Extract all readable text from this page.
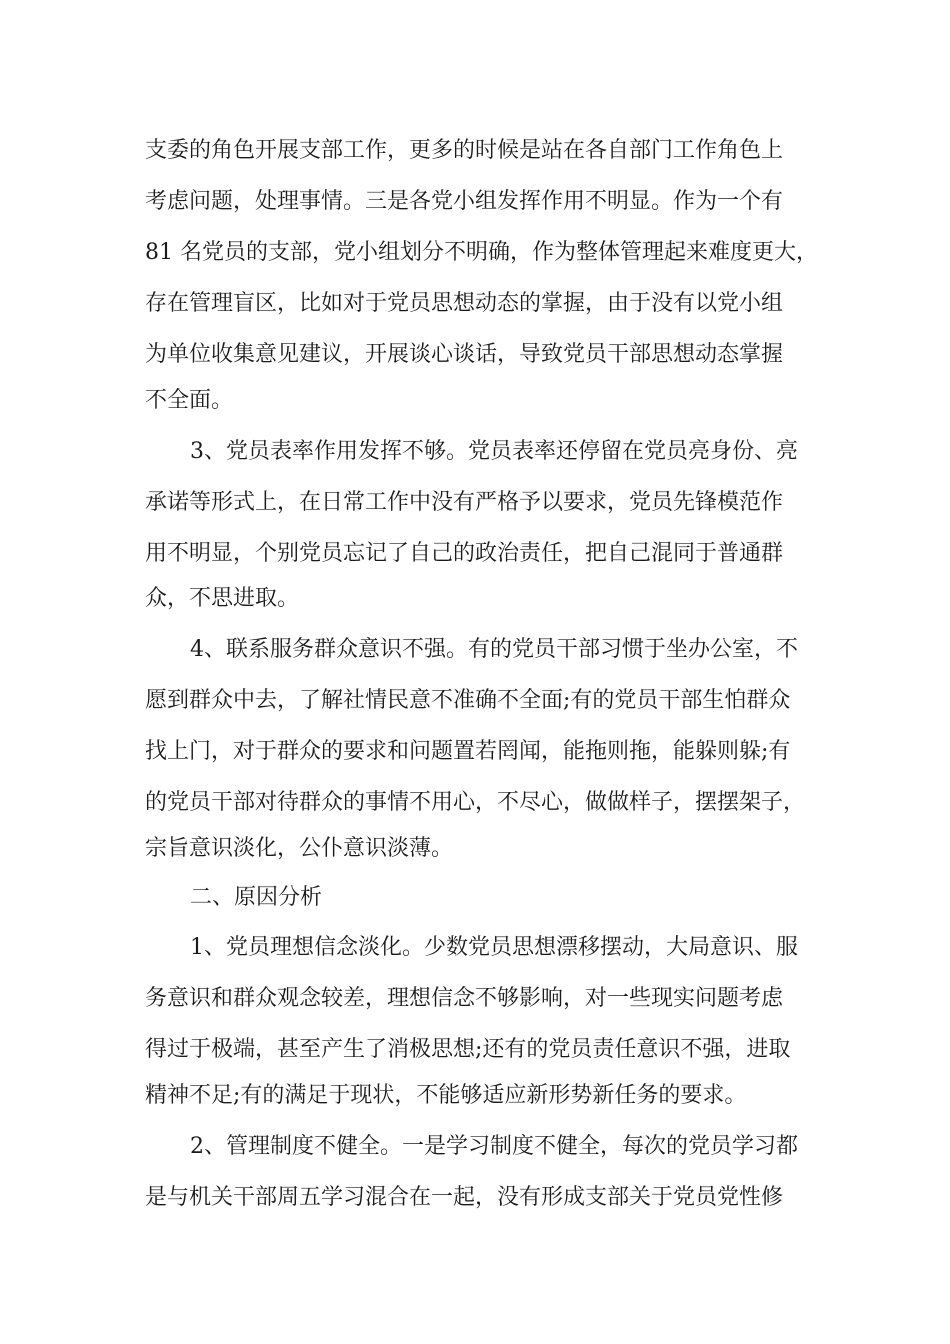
支委的角色开展支部工作，更多的时候是站在各自部门工作角色上
考虑问题，处理事情。三是各党小组发挥作用不明显。作为一个有
81 名党员的支部，党小组划分不明确，作为整体管理起来难度更大，
存在管理盲区，比如对于党员思想动态的掌握，由于没有以党小组
为单位收集意见建议，开展谈心谈话，导致党员干部思想动态掌握
不全面。
3、党员表率作用发挥不够。党员表率还停留在党员亮身份、亮
承诺等形式上，在日常工作中没有严格予以要求，党员先锋模范作
用不明显，个别党员忘记了自己的政治责任，把自己混同于普通群
众，不思进取。
4、联系服务群众意识不强。有的党员干部习惯于坐办公室，不
愿到群众中去，了解社情民意不准确不全面;有的党员干部生怕群众
找上门，对于群众的要求和问题置若罔闻，能拖则拖，能躲则躲;有
的党员干部对待群众的事情不用心，不尽心，做做样子，摆摆架子，
宗旨意识淡化，公仆意识淡薄。
二、原因分析
1、党员理想信念淡化。少数党员思想漂移摆动，大局意识、服
务意识和群众观念较差，理想信念不够影响，对一些现实问题考虑
得过于极端，甚至产生了消极思想;还有的党员责任意识不强，进取
精神不足;有的满足于现状，不能够适应新形势新任务的要求。
2、管理制度不健全。一是学习制度不健全，每次的党员学习都
是与机关干部周五学习混合在一起，没有形成支部关于党员党性修
